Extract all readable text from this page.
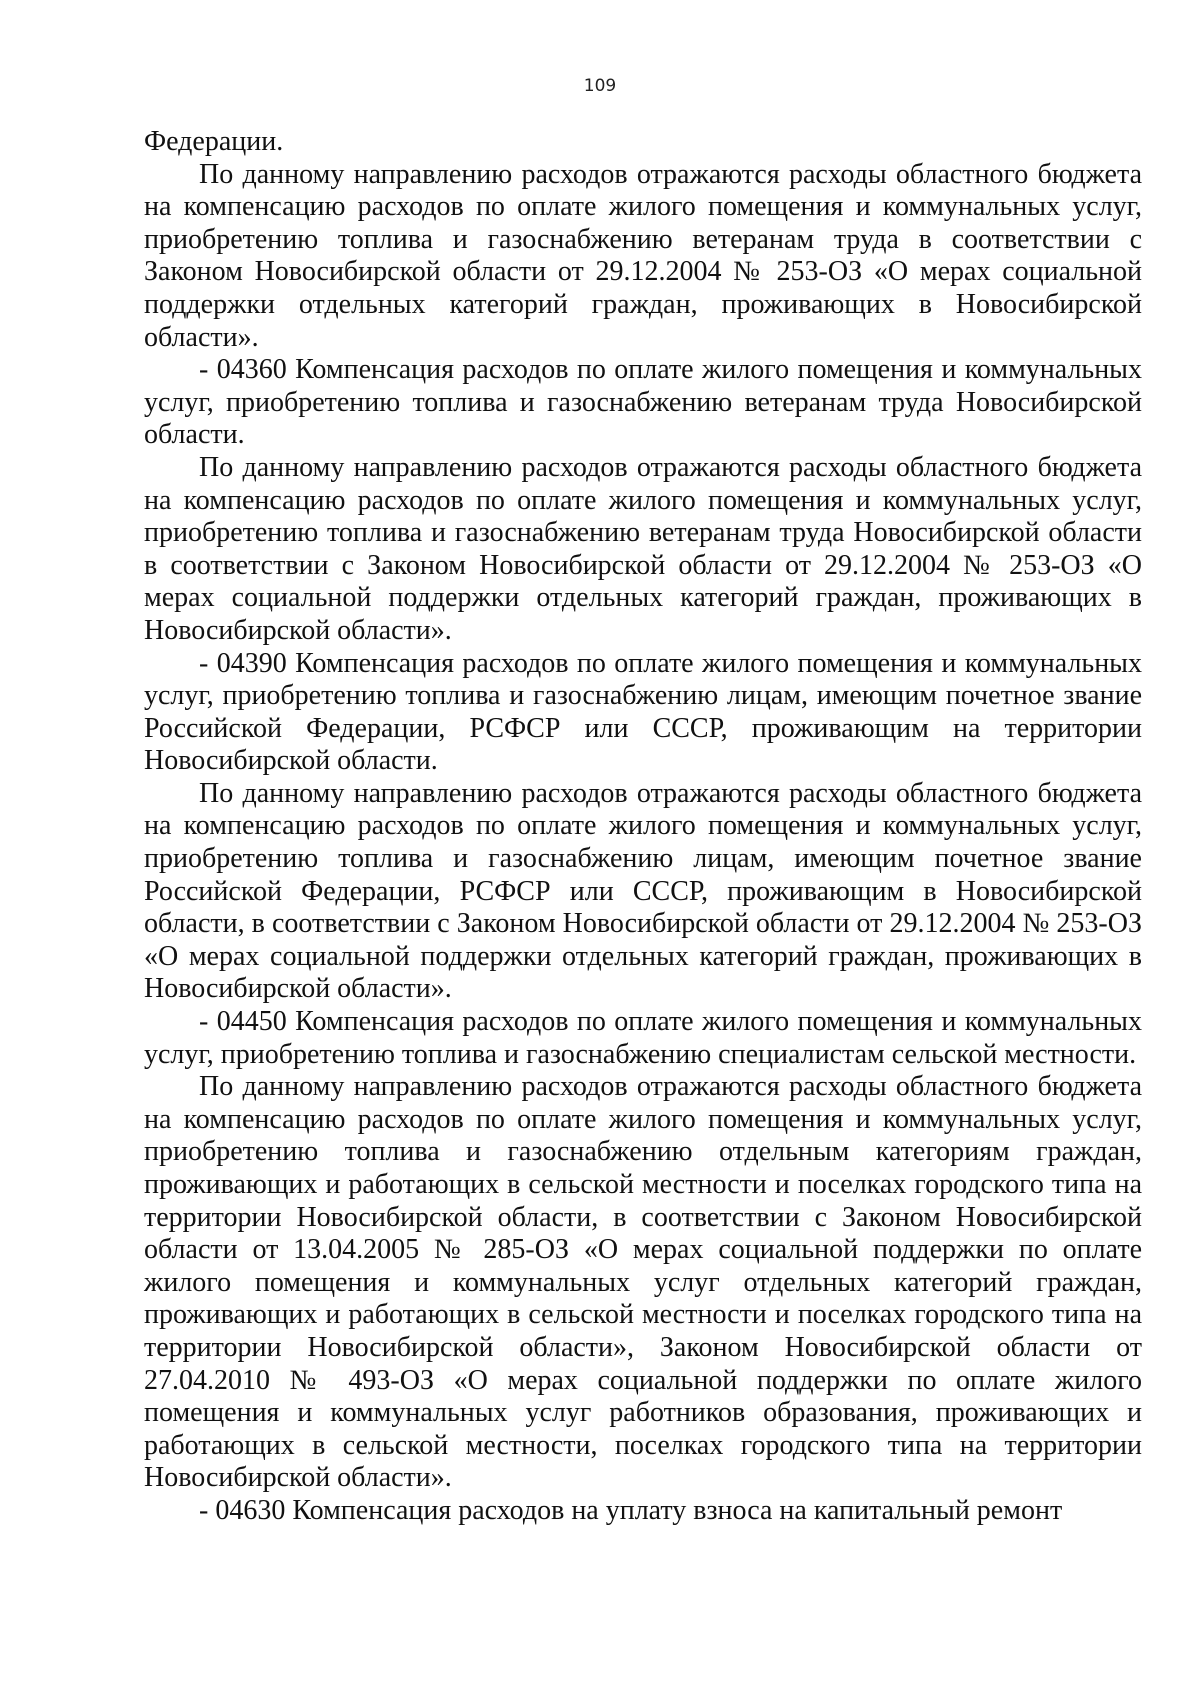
109

Федерации.

По данному направлению расходов отражаются расходы областного бюджета на компенсацию расходов по оплате жилого помещения и коммунальных услуг, приобретению топлива и газоснабжению ветеранам труда в соответствии с Законом Новосибирской области от 29.12.2004 № 253-ОЗ «О мерах социальной поддержки отдельных категорий граждан, проживающих в Новосибирской области».

- 04360 Компенсация расходов по оплате жилого помещения и коммунальных услуг, приобретению топлива и газоснабжению ветеранам труда Новосибирской области.

По данному направлению расходов отражаются расходы областного бюджета на компенсацию расходов по оплате жилого помещения и коммунальных услуг, приобретению топлива и газоснабжению ветеранам труда Новосибирской области в соответствии с Законом Новосибирской области от 29.12.2004 № 253-ОЗ «О мерах социальной поддержки отдельных категорий граждан, проживающих в Новосибирской области».

- 04390 Компенсация расходов по оплате жилого помещения и коммунальных услуг, приобретению топлива и газоснабжению лицам, имеющим почетное звание Российской Федерации, РСФСР или СССР, проживающим на территории Новосибирской области.

По данному направлению расходов отражаются расходы областного бюджета на компенсацию расходов по оплате жилого помещения и коммунальных услуг, приобретению топлива и газоснабжению лицам, имеющим почетное звание Российской Федерации, РСФСР или СССР, проживающим в Новосибирской области, в соответствии с Законом Новосибирской области от 29.12.2004 № 253-ОЗ «О мерах социальной поддержки отдельных категорий граждан, проживающих в Новосибирской области».

- 04450 Компенсация расходов по оплате жилого помещения и коммунальных услуг, приобретению топлива и газоснабжению специалистам сельской местности.

По данному направлению расходов отражаются расходы областного бюджета на компенсацию расходов по оплате жилого помещения и коммунальных услуг, приобретению топлива и газоснабжению отдельным категориям граждан, проживающих и работающих в сельской местности и поселках городского типа на территории Новосибирской области, в соответствии с Законом Новосибирской области от 13.04.2005 № 285-ОЗ «О мерах социальной поддержки по оплате жилого помещения и коммунальных услуг отдельных категорий граждан, проживающих и работающих в сельской местности и поселках городского типа на территории Новосибирской области», Законом Новосибирской области от 27.04.2010 № 493-ОЗ «О мерах социальной поддержки по оплате жилого помещения и коммунальных услуг работников образования, проживающих и работающих в сельской местности, поселках городского типа на территории Новосибирской области».

- 04630 Компенсация расходов на уплату взноса на капитальный ремонт
